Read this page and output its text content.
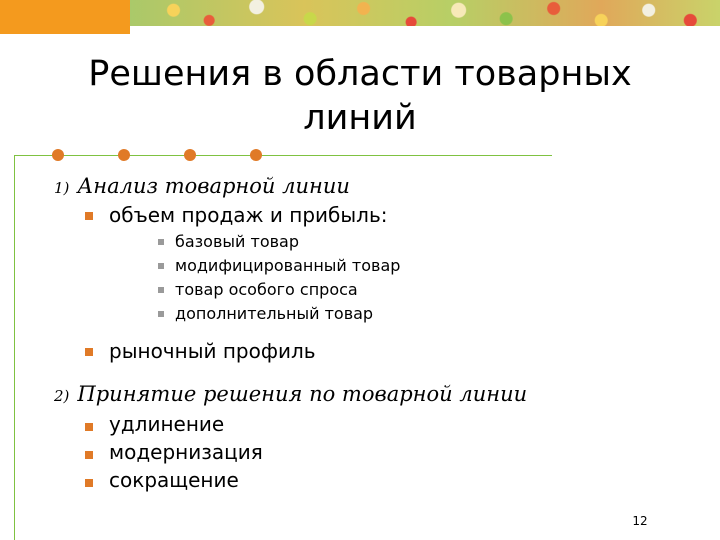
Решения в области товарных линий
1) Анализ товарной линии
объем продаж и прибыль:
базовый товар
модифицированный товар
товар особого спроса
дополнительный товар
рыночный профиль
2) Принятие решения по товарной линии
удлинение
модернизация
сокращение
12
